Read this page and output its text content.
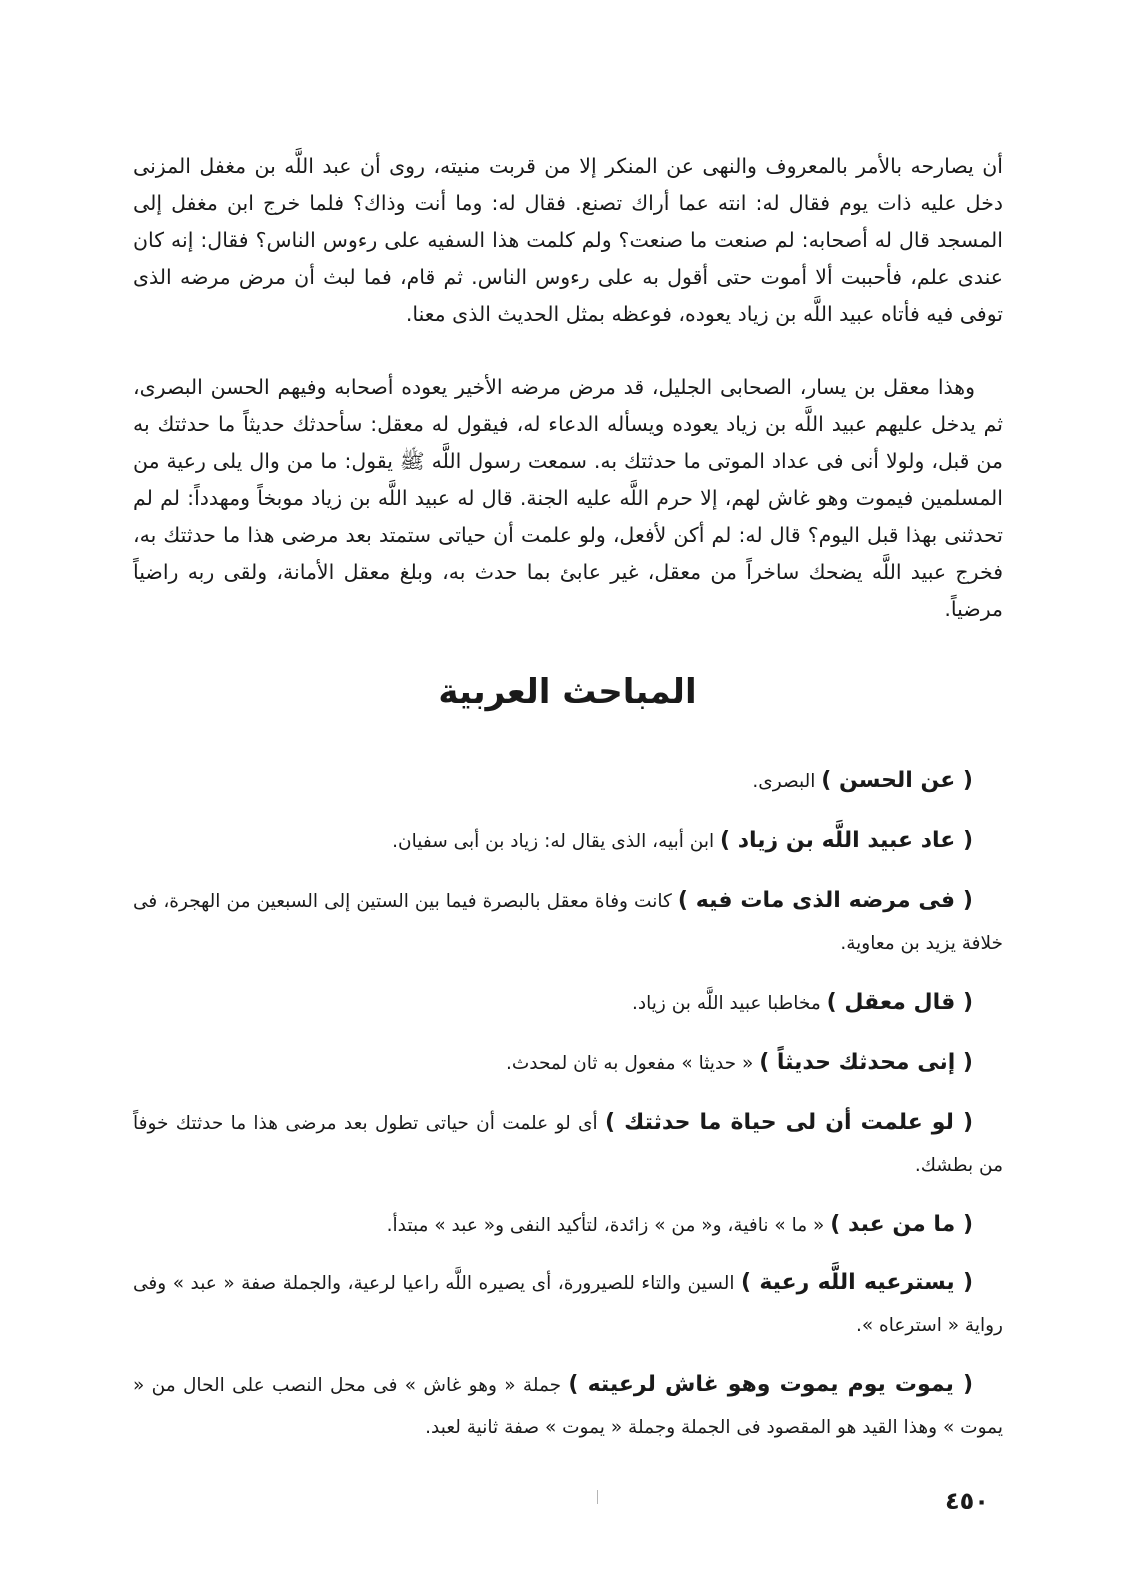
أن يصارحه بالأمر بالمعروف والنهى عن المنكر إلا من قربت منيته، روى أن عبد اللَّه بن مغفل المزنى دخل عليه ذات يوم فقال له: انته عما أراك تصنع. فقال له: وما أنت وذاك؟ فلما خرج ابن مغفل إلى المسجد قال له أصحابه: لم صنعت ما صنعت؟ ولم كلمت هذا السفيه على رءوس الناس؟ فقال: إنه كان عندى علم، فأحببت ألا أموت حتى أقول به على رءوس الناس. ثم قام، فما لبث أن مرض مرضه الذى توفى فيه فأتاه عبيد اللَّه بن زياد يعوده، فوعظه بمثل الحديث الذى معنا.

وهذا معقل بن يسار، الصحابى الجليل، قد مرض مرضه الأخير يعوده أصحابه وفيهم الحسن البصرى، ثم يدخل عليهم عبيد اللَّه بن زياد يعوده ويسأله الدعاء له، فيقول له معقل: سأحدثك حديثاً ما حدثتك به من قبل، ولولا أنى فى عداد الموتى ما حدثتك به. سمعت رسول اللَّه ﷺ يقول: ما من وال يلى رعية من المسلمين فيموت وهو غاش لهم، إلا حرم اللَّه عليه الجنة. قال له عبيد اللَّه بن زياد موبخاً ومهدداً: لم لم تحدثنى بهذا قبل اليوم؟ قال له: لم أكن لأفعل، ولو علمت أن حياتى ستمتد بعد مرضى هذا ما حدثتك به، فخرج عبيد اللَّه يضحك ساخراً من معقل، غير عابئ بما حدث به، وبلغ معقل الأمانة، ولقى ربه راضياً مرضياً.

المباحث العربية
( عن الحسن ) البصرى.
( عاد عبيد اللَّه بن زياد ) ابن أبيه، الذى يقال له: زياد بن أبى سفيان.
( فى مرضه الذى مات فيه ) كانت وفاة معقل بالبصرة فيما بين الستين إلى السبعين من الهجرة، فى خلافة يزيد بن معاوية.
( قال معقل ) مخاطبا عبيد اللَّه بن زياد.
( إنى محدثك حديثاً ) « حديثا » مفعول به ثان لمحدث.
( لو علمت أن لى حياة ما حدثتك ) أى لو علمت أن حياتى تطول بعد مرضى هذا ما حدثتك خوفاً من بطشك.
( ما من عبد ) « ما » نافية، و« من » زائدة، لتأكيد النفى و« عبد » مبتدأ.
( يسترعيه اللَّه رعية ) السين والتاء للصيرورة، أى يصيره اللَّه راعيا لرعية، والجملة صفة « عبد » وفى رواية « استرعاه ».
( يموت يوم يموت وهو غاش لرعيته ) جملة « وهو غاش » فى محل النصب على الحال من « يموت » وهذا القيد هو المقصود فى الجملة وجملة « يموت » صفة ثانية لعبد.
٤٥٠
